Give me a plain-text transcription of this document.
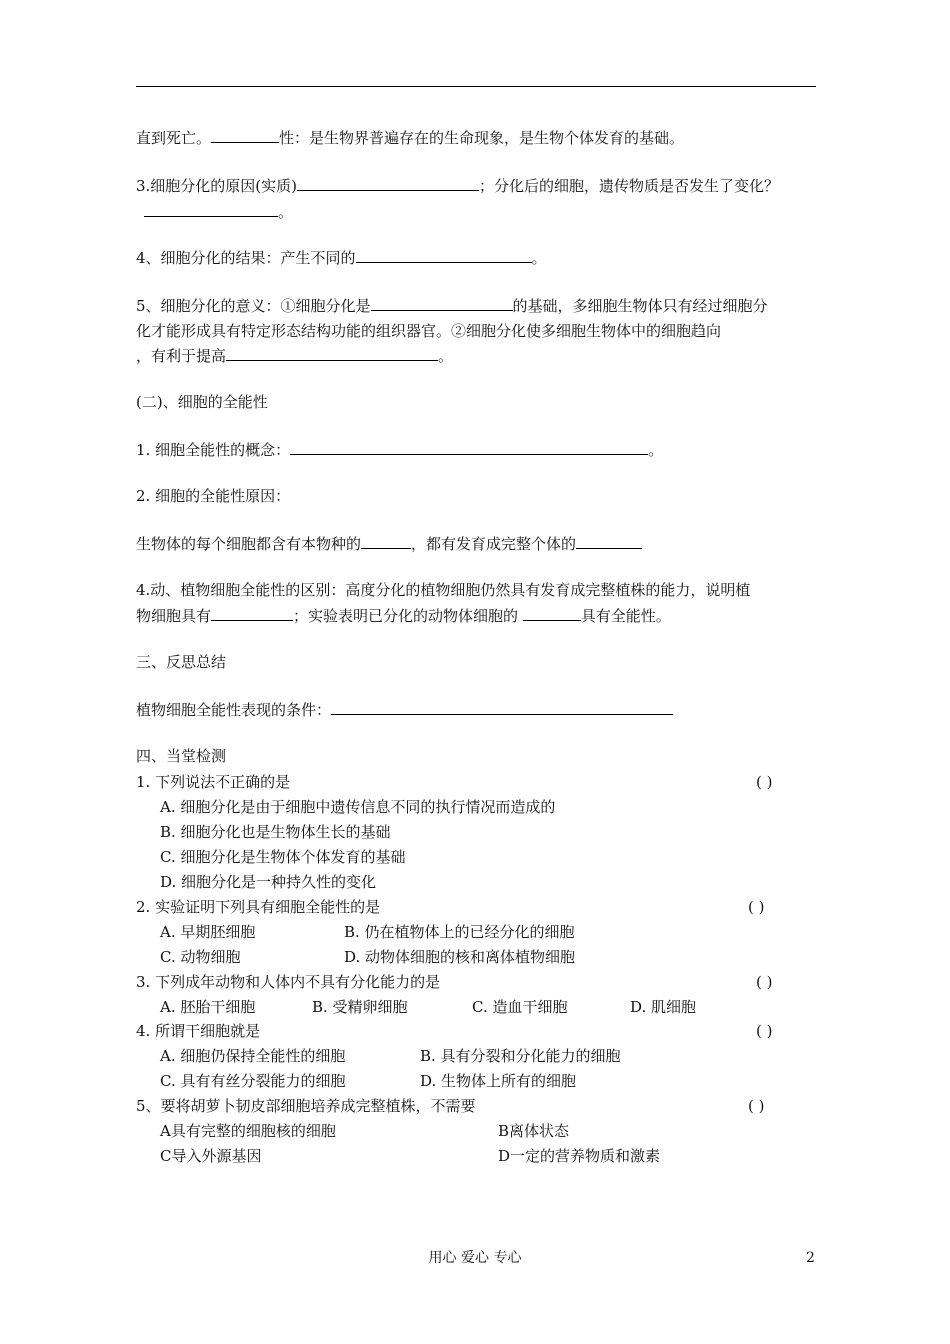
直到死亡。	性：是生物界普遍存在的生命现象，是生物个体发育的基础。
3.细胞分化的原因(实质)	；分化后的细胞，遗传物质是否发生了变化？
。
4、细胞分化的结果：产生不同的	。
5、细胞分化的意义：①细胞分化是	的基础，多细胞生物体只有经过细胞分
化才能形成具有特定形态结构功能的组织器官。②细胞分化使多细胞生物体中的细胞趋向
，有利于提高	。
(二)、细胞的全能性
1. 细胞全能性的概念：	。
2. 细胞的全能性原因：
生物体的每个细胞都含有本物种的	，都有发育成完整个体的
4.动、植物细胞全能性的区别：高度分化的植物细胞仍然具有发育成完整植株的能力，说明植
物细胞具有	；实验表明已分化的动物体细胞的	具有全能性。
三、反思总结
植物细胞全能性表现的条件：
四、当堂检测
1. 下列说法不正确的是	( )
A. 细胞分化是由于细胞中遗传信息不同的执行情况而造成的
B. 细胞分化也是生物体生长的基础
C. 细胞分化是生物体个体发育的基础
D. 细胞分化是一种持久性的变化
2. 实验证明下列具有细胞全能性的是	( )
A. 早期胚细胞	B. 仍在植物体上的已经分化的细胞
C. 动物细胞	D. 动物体细胞的核和离体植物细胞
3. 下列成年动物和人体内不具有分化能力的是	( )
A. 胚胎干细胞	B. 受精卵细胞	C. 造血干细胞	D. 肌细胞
4. 所谓干细胞就是	( )
A. 细胞仍保持全能性的细胞	B. 具有分裂和分化能力的细胞
C. 具有有丝分裂能力的细胞	D. 生物体上所有的细胞
5、要将胡萝卜韧皮部细胞培养成完整植株，不需要	( )
A具有完整的细胞核的细胞	B离体状态
C导入外源基因	D一定的营养物质和激素
用心 爱心 专心	2
